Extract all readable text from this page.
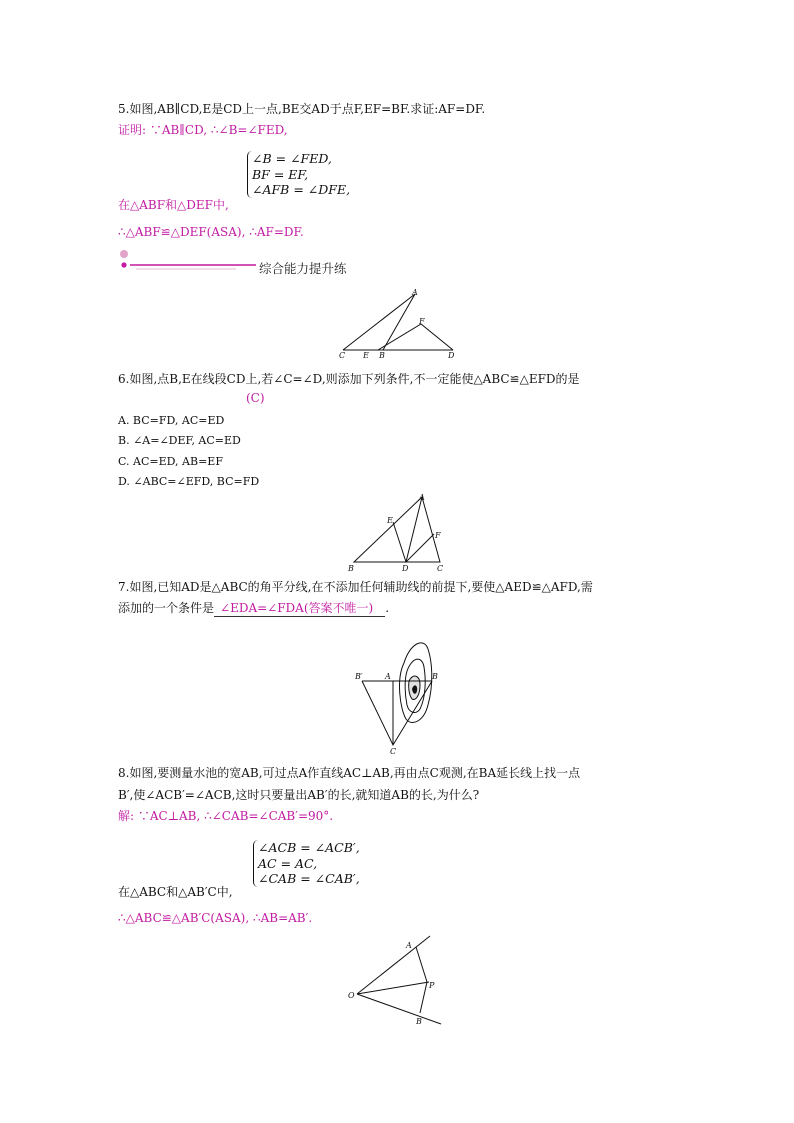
5.如图,AB∥CD,E是CD上一点,BE交AD于点F,EF=BF.求证:AF=DF.
证明: ∵AB∥CD, ∴∠B=∠FED,
∠B = ∠FED,
BF = EF,
∠AFB = ∠DFE,
在△ABF和△DEF中,
∴△ABF≌△DEF(ASA), ∴AF=DF.
综合能力提升练
A
F
C E B	D
6.如图,点B,E在线段CD上,若∠C=∠D,则添加下列条件,不一定能使△ABC≌△EFD的是
(C)
A. BC=FD, AC=ED
B. ∠A=∠DEF, AC=ED
C. AC=ED, AB=EF
D. ∠ABC=∠EFD, BC=FD
A
E
F
B	D	C
7.如图,已知AD是△ABC的角平分线,在不添加任何辅助线的前提下,要使△AED≌△AFD,需
添加的一个条件是 ∠EDA=∠FDA(答案不唯一) .
B′	A	B
C
8.如图,要测量水池的宽AB,可过点A作直线AC⊥AB,再由点C观测,在BA延长线上找一点
B′,使∠ACB′=∠ACB,这时只要量出AB′的长,就知道AB的长,为什么?
解: ∵AC⊥AB, ∴∠CAB=∠CAB′=90°.
∠ACB = ∠ACB′,
AC = AC,
∠CAB = ∠CAB′,
在△ABC和△AB′C中,
∴△ABC≌△AB′C(ASA), ∴AB=AB′.
A
O
P
B
